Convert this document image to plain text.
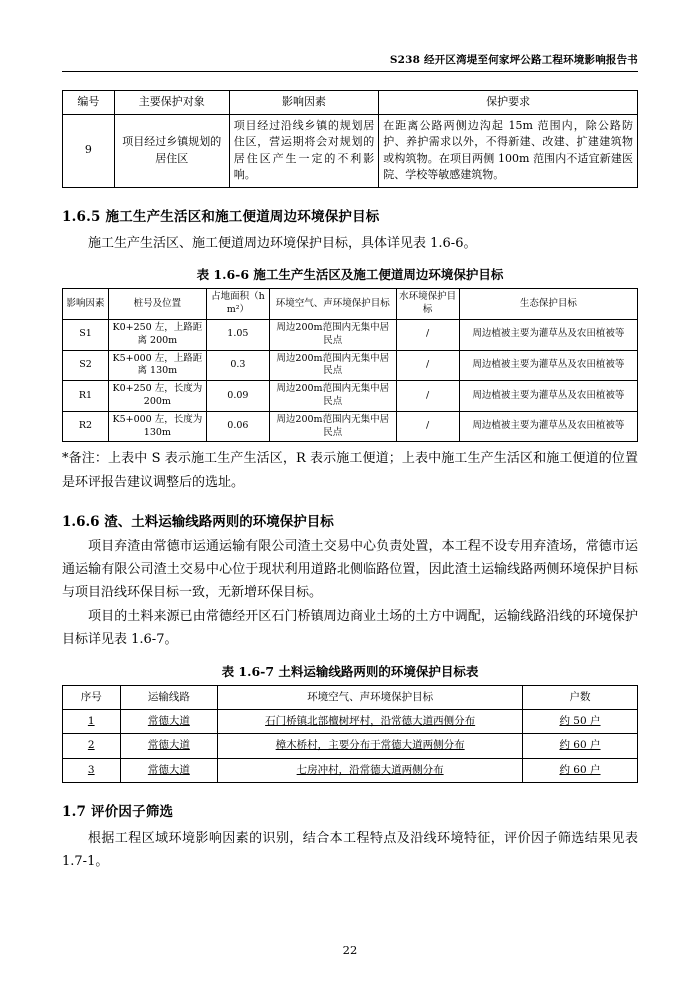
S238 经开区湾堤至何家坪公路工程环境影响报告书
编号	主要保护对象	影响因素	保护要求
9	项目经过乡镇规划的居住区	项目经过沿线乡镇的规划居住区，营运期将会对规划的居住区产生一定的不利影响。	在距离公路两侧边沟起 15m 范围内，除公路防护、养护需求以外，不得新建、改建、扩建建筑物或构筑物。在项目两侧 100m 范围内不适宜新建医院、学校等敏感建筑物。
1.6.5 施工生产生活区和施工便道周边环境保护目标

施工生产生活区、施工便道周边环境保护目标，具体详见表 1.6-6。

表 1.6-6 施工生产生活区及施工便道周边环境保护目标

影响因素	桩号及位置	占地面积（hm²）	环境空气、声环境保护目标	水环境保护目标	生态保护目标
S1	K0+250 左，上路距离 200m	1.05	周边200m范围内无集中居民点	/	周边植被主要为灌草丛及农田植被等
S2	K5+000 左，上路距离 130m	0.3	周边200m范围内无集中居民点	/	周边植被主要为灌草丛及农田植被等
R1	K0+250 左，长度为200m	0.09	周边200m范围内无集中居民点	/	周边植被主要为灌草丛及农田植被等
R2	K5+000 左，长度为130m	0.06	周边200m范围内无集中居民点	/	周边植被主要为灌草丛及农田植被等

*备注：上表中 S 表示施工生产生活区，R 表示施工便道；上表中施工生产生活区和施工便道的位置是环评报告建议调整后的选址。

1.6.6 渣、土料运输线路两则的环境保护目标

项目弃渣由常德市运通运输有限公司渣土交易中心负责处置，本工程不设专用弃渣场，常德市运通运输有限公司渣土交易中心位于现状利用道路北侧临路位置，因此渣土运输线路两侧环境保护目标与项目沿线环保目标一致，无新增环保目标。

项目的土料来源已由常德经开区石门桥镇周边商业土场的土方中调配，运输线路沿线的环境保护目标详见表 1.6-7。

表 1.6-7 土料运输线路两则的环境保护目标表

序号	运输线路	环境空气、声环境保护目标	户数
1	常德大道	石门桥镇北部檀树坪村，沿常德大道西侧分布	约 50 户
2	常德大道	樟木桥村，主要分布于常德大道两侧分布	约 60 户
3	常德大道	七房冲村，沿常德大道两侧分布	约 60 户
1.7 评价因子筛选

根据工程区域环境影响因素的识别，结合本工程特点及沿线环境特征，评价因子筛选结果见表 1.7-1。

22
